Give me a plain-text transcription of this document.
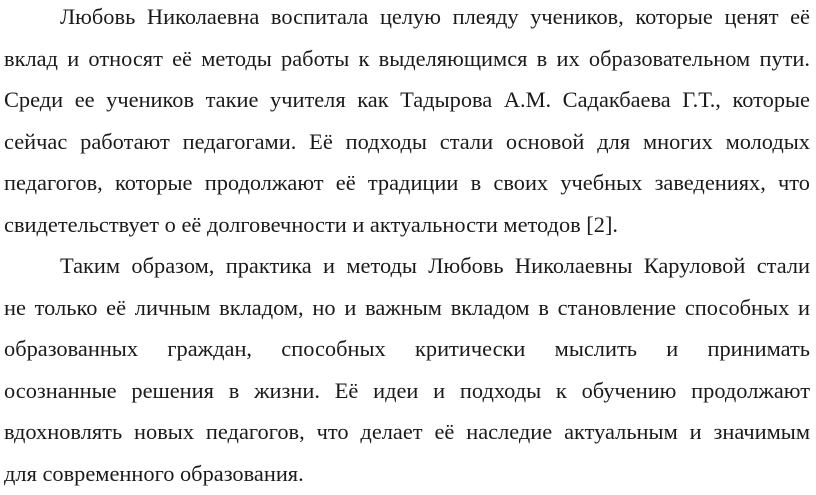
Любовь Николаевна воспитала целую плеяду учеников, которые ценят её
вклад и относят её методы работы к выделяющимся в их образовательном пути.
Среди ее учеников такие учителя как Тадырова А.М. Садакбаева Г.Т., которые
сейчас работают педагогами. Её подходы стали основой для многих молодых
педагогов, которые продолжают её традиции в своих учебных заведениях, что
свидетельствует о её долговечности и актуальности методов [2].
Таким образом, практика и методы Любовь Николаевны Каруловой стали
не только её личным вкладом, но и важным вкладом в становление способных и
образованных граждан, способных критически мыслить и принимать
осознанные решения в жизни. Её идеи и подходы к обучению продолжают
вдохновлять новых педагогов, что делает её наследие актуальным и значимым
для современного образования.
